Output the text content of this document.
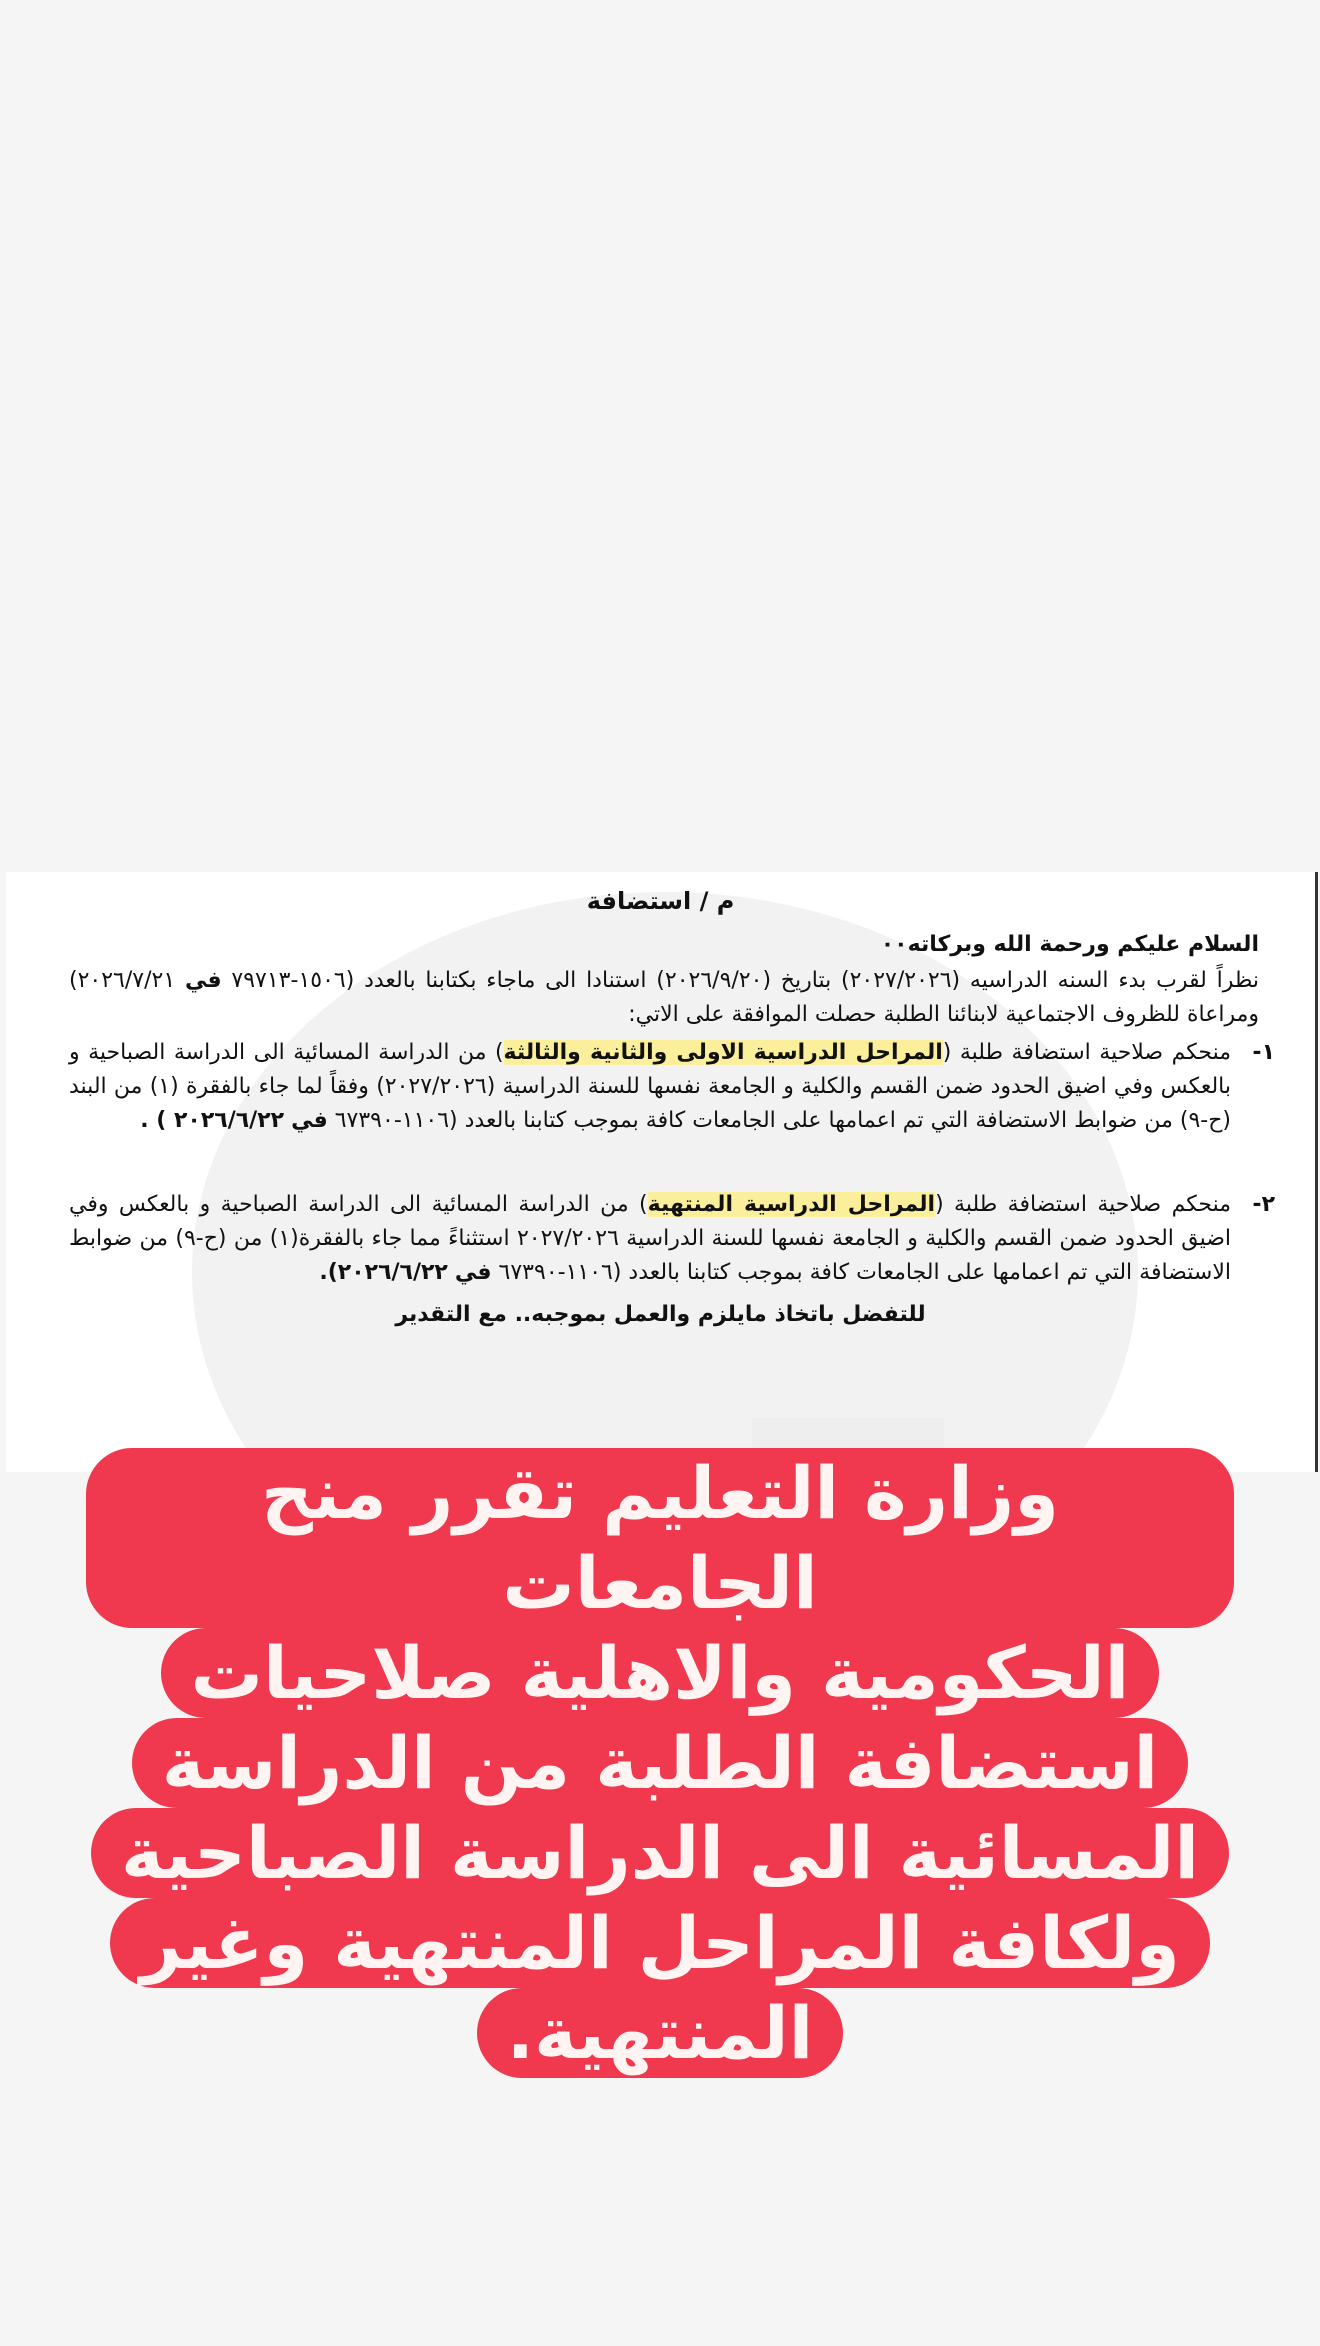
م / استضافة
السلام عليكم ورحمة الله وبركاته٠٠
نظراً لقرب بدء السنه الدراسيه (٢٠٢٧/٢٠٢٦) بتاريخ (٢٠٢٦/٩/٢٠) استنادا الى ماجاء بكتابنا بالعدد (١٥٠٦-٧٩٧١٣ في ٢٠٢٦/٧/٢١) ومراعاة للظروف الاجتماعية لابنائنا الطلبة حصلت الموافقة على الاتي:
١-
منحكم صلاحية استضافة طلبة (المراحل الدراسية الاولى والثانية والثالثة) من الدراسة المسائية الى الدراسة الصباحية و بالعكس وفي اضيق الحدود ضمن القسم والكلية و الجامعة نفسها للسنة الدراسية (٢٠٢٧/٢٠٢٦) وفقاً لما جاء بالفقرة (١) من البند (ح-٩) من ضوابط الاستضافة التي تم اعمامها على الجامعات كافة بموجب كتابنا بالعدد (١١٠٦-٦٧٣٩٠ في ٢٠٢٦/٦/٢٢ ) .
٢-
منحكم صلاحية استضافة طلبة (المراحل الدراسية المنتهية) من الدراسة المسائية الى الدراسة الصباحية و بالعكس وفي اضيق الحدود ضمن القسم والكلية و الجامعة نفسها للسنة الدراسية ٢٠٢٧/٢٠٢٦ استثناءً مما جاء بالفقرة(١) من (ح-٩) من ضوابط الاستضافة التي تم اعمامها على الجامعات كافة بموجب كتابنا بالعدد (١١٠٦-٦٧٣٩٠ في ٢٠٢٦/٦/٢٢).
للتفضل باتخاذ مايلزم والعمل بموجبه.. مع التقدير
وزارة التعليم تقرر منح الجامعات
الحكومية والاهلية صلاحيات
استضافة الطلبة من الدراسة
المسائية الى الدراسة الصباحية
ولكافة المراحل المنتهية وغير
المنتهية.
